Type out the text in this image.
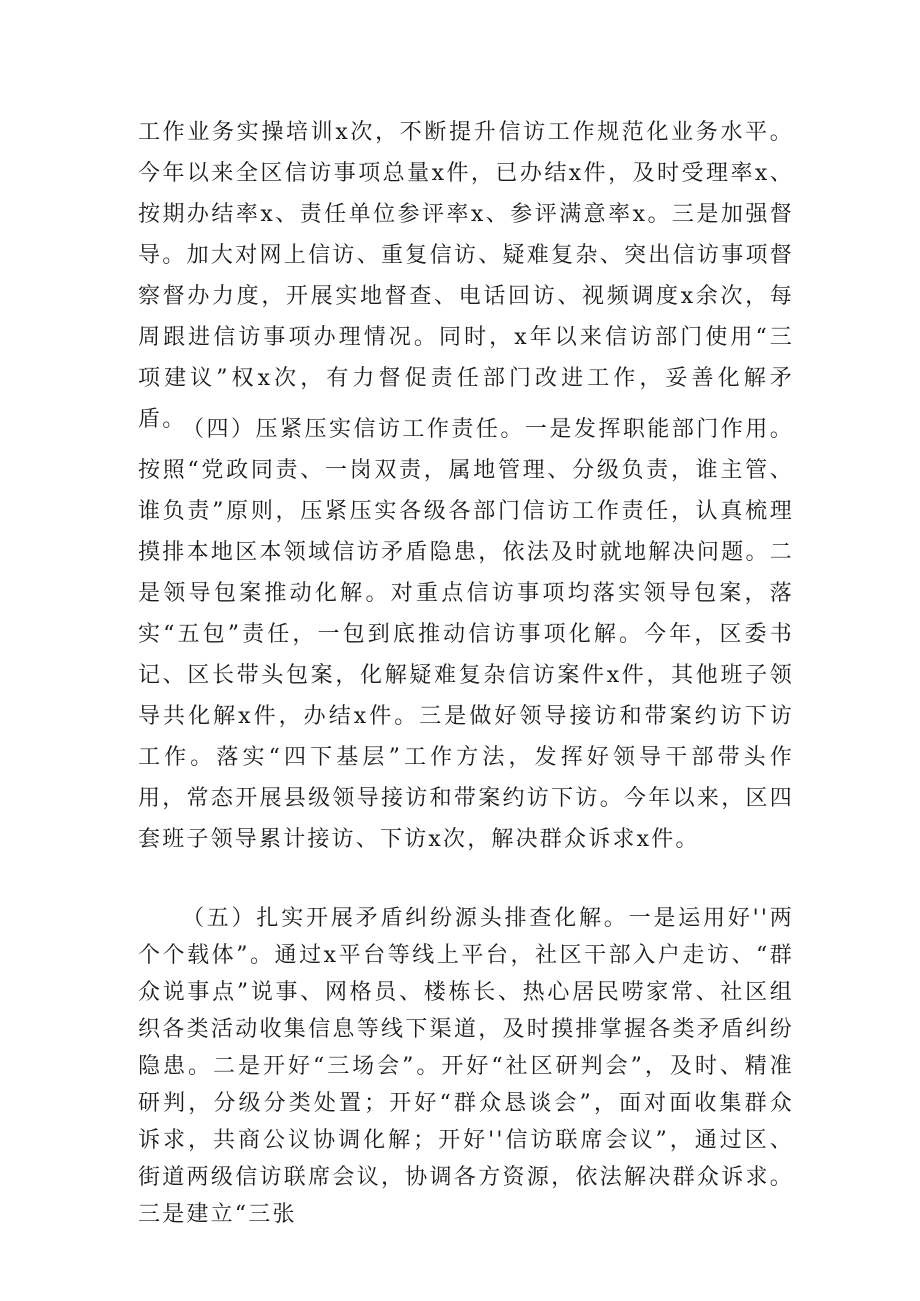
工作业务实操培训x次，不断提升信访工作规范化业务水平。今年以来全区信访事项总量x件，已办结x件，及时受理率x、按期办结率x、责任单位参评率x、参评满意率x。三是加强督导。加大对网上信访、重复信访、疑难复杂、突出信访事项督察督办力度，开展实地督查、电话回访、视频调度x余次，每周跟进信访事项办理情况。同时，x年以来信访部门使用“三项建议”权x次，有力督促责任部门改进工作，妥善化解矛盾。

（四）压紧压实信访工作责任。一是发挥职能部门作用。按照“党政同责、一岗双责，属地管理、分级负责，谁主管、谁负责”原则，压紧压实各级各部门信访工作责任，认真梳理摸排本地区本领域信访矛盾隐患，依法及时就地解决问题。二是领导包案推动化解。对重点信访事项均落实领导包案，落实“五包”责任，一包到底推动信访事项化解。今年，区委书记、区长带头包案，化解疑难复杂信访案件x件，其他班子领导共化解x件，办结x件。三是做好领导接访和带案约访下访工作。落实“四下基层”工作方法，发挥好领导干部带头作用，常态开展县级领导接访和带案约访下访。今年以来，区四套班子领导累计接访、下访x次，解决群众诉求x件。

（五）扎实开展矛盾纠纷源头排查化解。一是运用好''两个个载体”。通过x平台等线上平台，社区干部入户走访、“群众说事点”说事、网格员、楼栋长、热心居民唠家常、社区组织各类活动收集信息等线下渠道，及时摸排掌握各类矛盾纠纷隐患。二是开好“三场会”。开好“社区研判会”，及时、精准研判，分级分类处置；开好“群众恳谈会”，面对面收集群众诉求，共商公议协调化解；开好''信访联席会议”，通过区、街道两级信访联席会议，协调各方资源，依法解决群众诉求。三是建立“三张
